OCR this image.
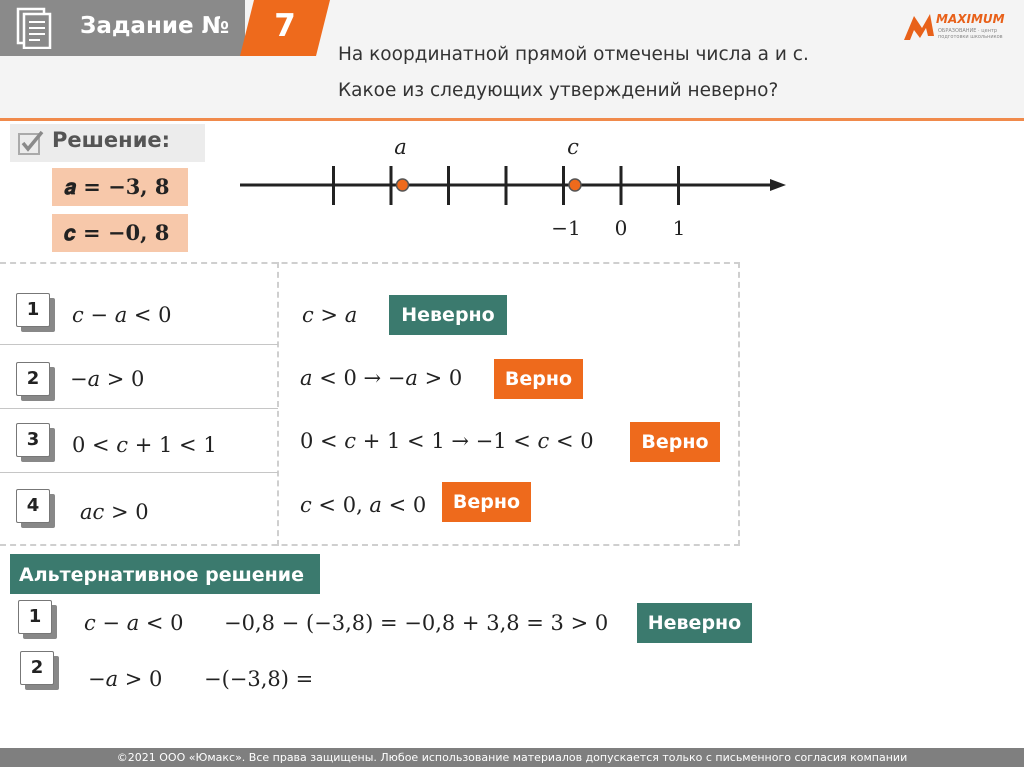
Задание №	7	MAXIMUM
ОБРАЗОВАНИЕ · центр подготовки школьников
На координатной прямой отмечены числа а и с.
Какое из следующих утверждений неверно?
Решение:
𝒂 = −𝟑, 𝟖
𝒄 = −𝟎, 𝟖
a	c
−1 0 1
1	𝑐 − 𝑎 < 0	𝑐 > 𝑎	Неверно
2	−𝑎 > 0	𝑎 < 0 → −𝑎 > 0	Верно
3	0 < 𝑐 + 1 < 1	0 < 𝑐 + 1 < 1 → −1 < 𝑐 < 0	Верно
4	𝑎𝑐 > 0	𝑐 < 0, 𝑎 < 0	Верно
Альтернативное решение
1	𝑐 − 𝑎 < 0 −0,8 − (−3,8) = −0,8 + 3,8 = 3 > 0	Неверно
2	−𝑎 > 0 −(−3,8) =
©2021 ООО «Юмакс». Все права защищены. Любое использование материалов допускается только с письменного согласия компании
